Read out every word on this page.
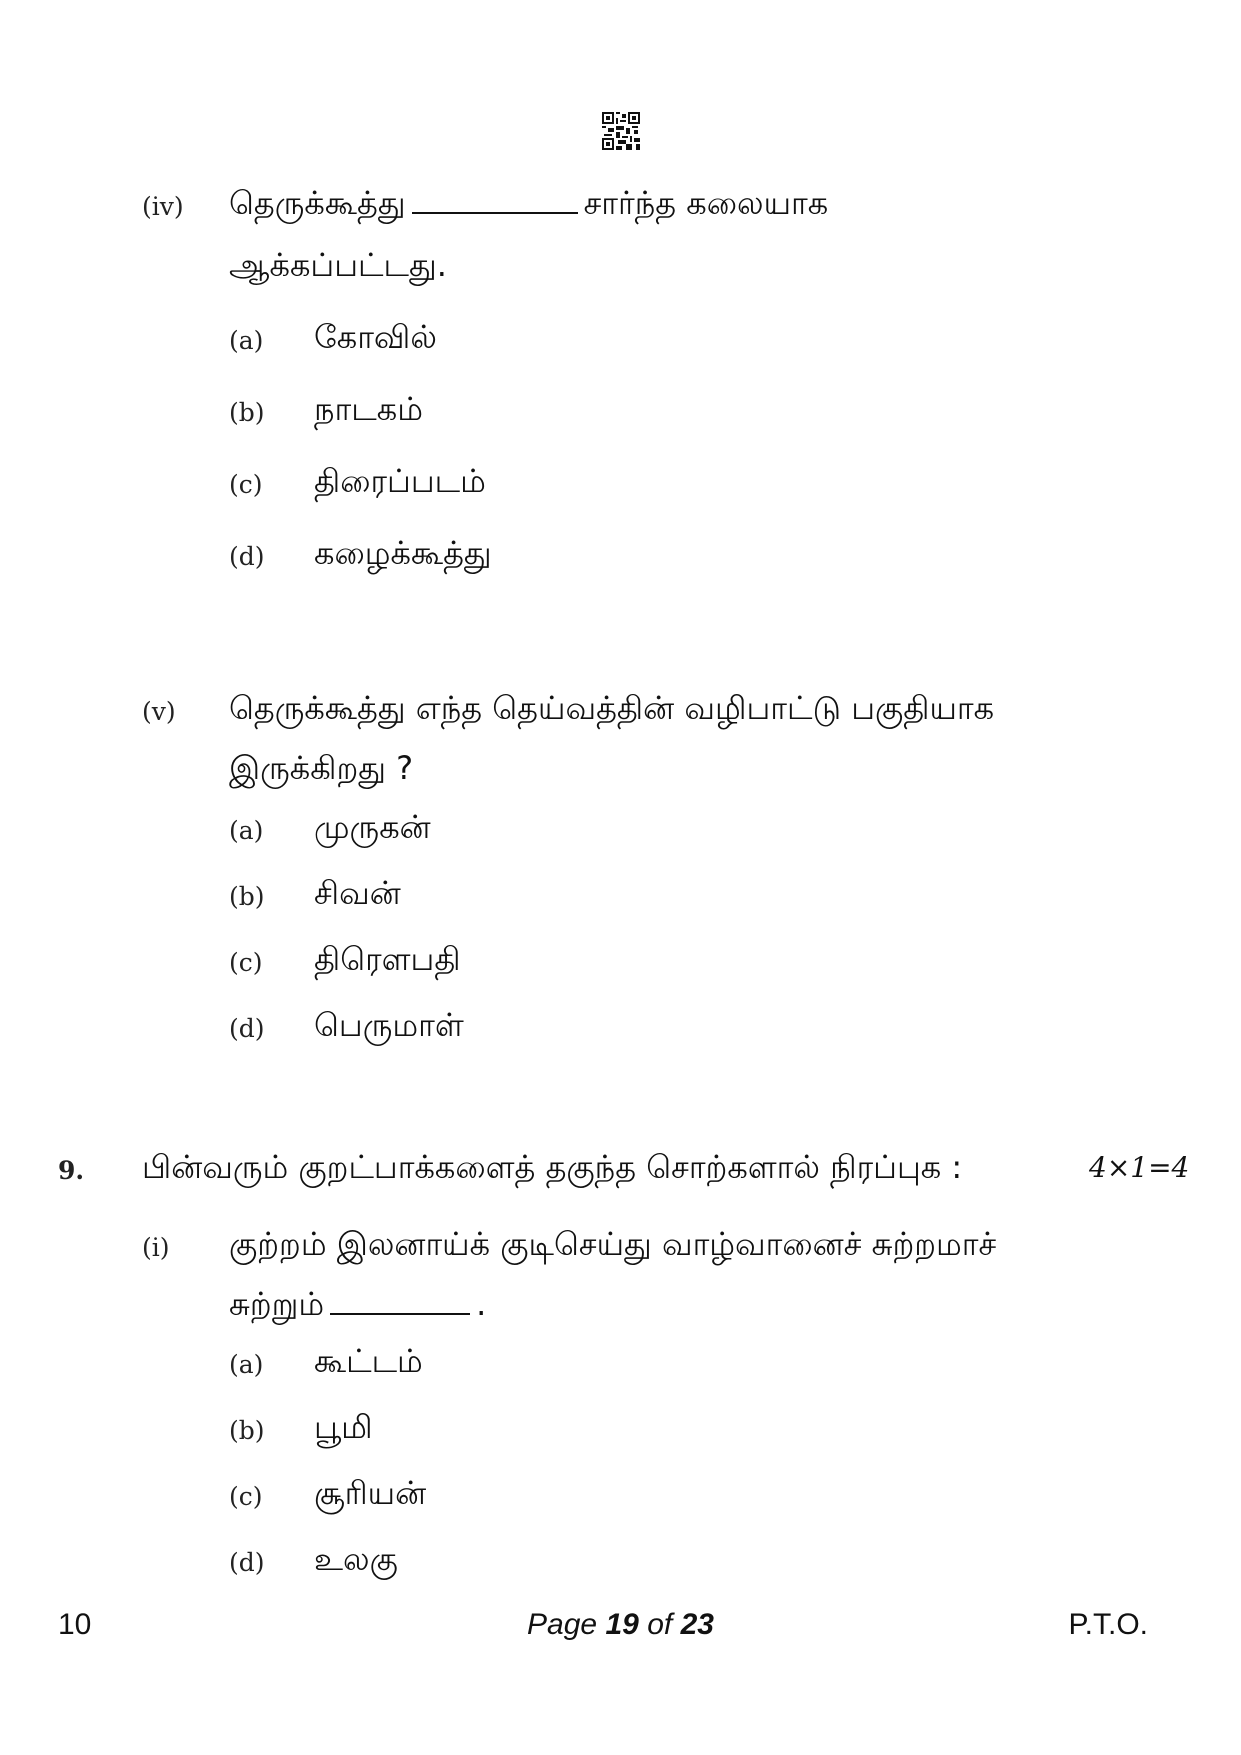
(iv) தெருக்கூத்து	சார்ந்த கலையாக
ஆக்கப்பட்டது.
(a) கோவில்
(b) நாடகம்
(c) திரைப்படம்
(d) கழைக்கூத்து
(v) தெருக்கூத்து எந்த தெய்வத்தின் வழிபாட்டு பகுதியாக
இருக்கிறது ?
(a) முருகன்
(b) சிவன்
(c) திரௌபதி
(d) பெருமாள்
9. பின்வரும் குறட்பாக்களைத் தகுந்த சொற்களால் நிரப்புக :	4×1=4
(i) குற்றம் இலனாய்க் குடிசெய்து வாழ்வானைச் சுற்றமாச்
சுற்றும்	.
(a) கூட்டம்
(b) பூமி
(c) சூரியன்
(d) உலகு
10	Page 19 of 23	P.T.O.
